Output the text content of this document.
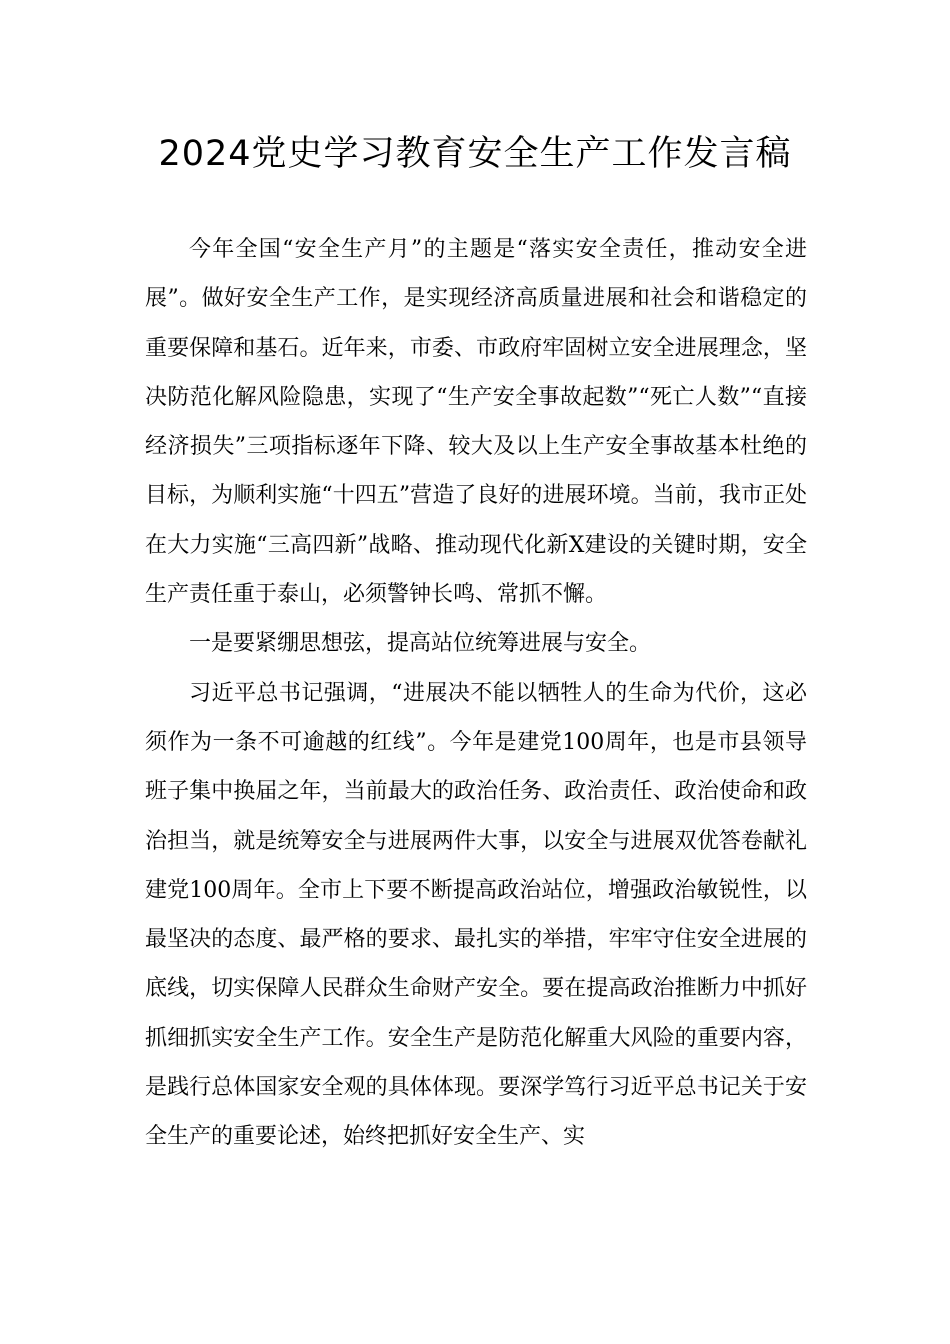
2024党史学习教育安全生产工作发言稿

今年全国“安全生产月”的主题是“落实安全责任，推动安全进展”。做好安全生产工作，是实现经济高质量进展和社会和谐稳定的重要保障和基石。近年来，市委、市政府牢固树立安全进展理念，坚决防范化解风险隐患，实现了“生产安全事故起数”“死亡人数”“直接经济损失”三项指标逐年下降、较大及以上生产安全事故基本杜绝的目标，为顺利实施“十四五”营造了良好的进展环境。当前，我市正处在大力实施“三高四新”战略、推动现代化新X建设的关键时期，安全生产责任重于泰山，必须警钟长鸣、常抓不懈。

一是要紧绷思想弦，提高站位统筹进展与安全。

习近平总书记强调，“进展决不能以牺牲人的生命为代价，这必须作为一条不可逾越的红线”。今年是建党100周年，也是市县领导班子集中换届之年，当前最大的政治任务、政治责任、政治使命和政治担当，就是统筹安全与进展两件大事，以安全与进展双优答卷献礼建党100周年。全市上下要不断提高政治站位，增强政治敏锐性，以最坚决的态度、最严格的要求、最扎实的举措，牢牢守住安全进展的底线，切实保障人民群众生命财产安全。要在提高政治推断力中抓好抓细抓实安全生产工作。安全生产是防范化解重大风险的重要内容，是践行总体国家安全观的具体体现。要深学笃行习近平总书记关于安全生产的重要论述，始终把抓好安全生产、实
